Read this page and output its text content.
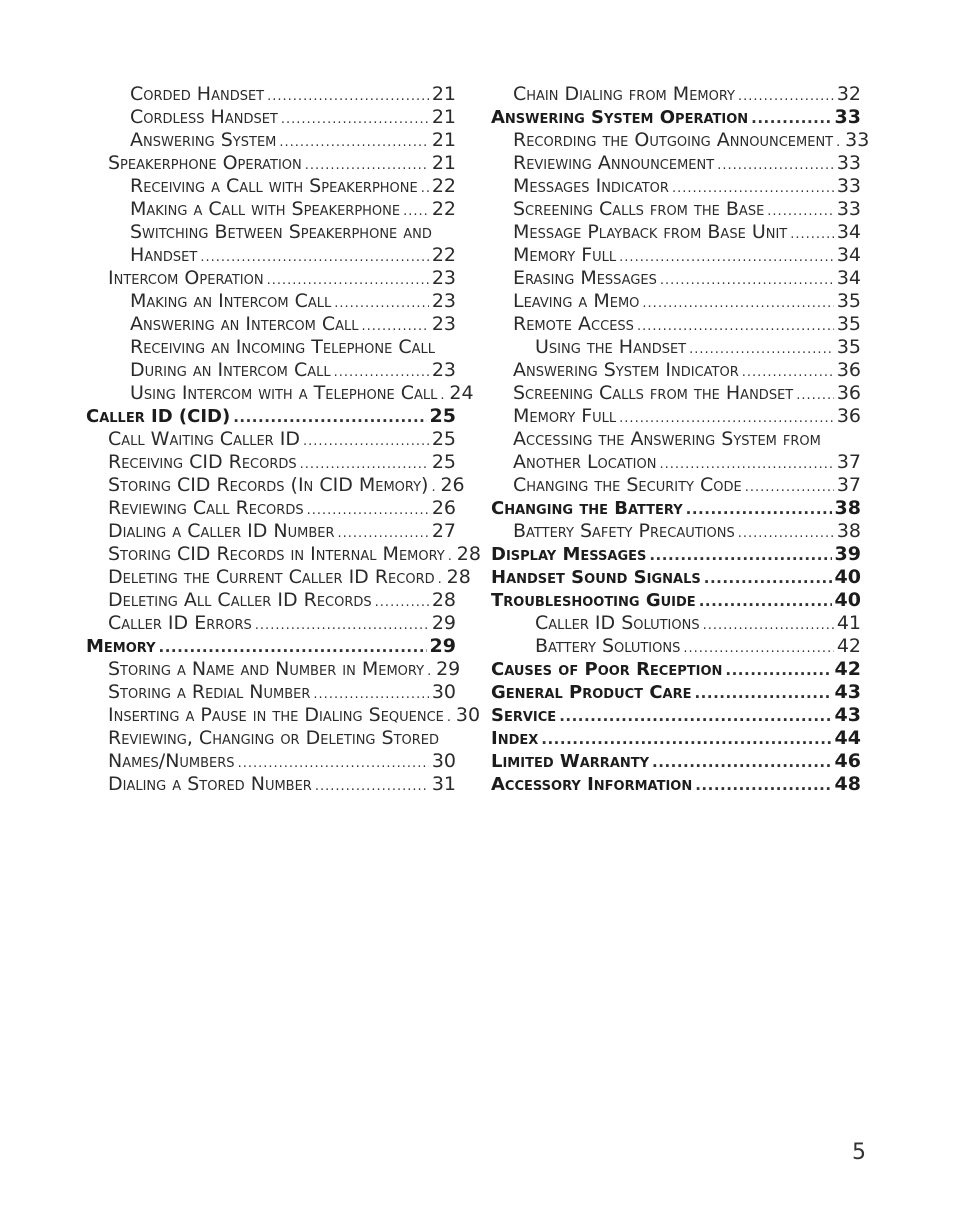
Corded Handset .....	21
Cordless Handset .....	21
Answering System .....	21
Speakerphone Operation .....	21
Receiving a Call with Speakerphone ..... 22
Making a Call with Speakerphone ..... 22
Switching Between Speakerphone and
Handset .....	22
Intercom Operation .....	23
Making an Intercom Call .....	23
Answering an Intercom Call .....	23
Receiving an Incoming Telephone Call
During an Intercom Call .....	23
Using Intercom with a Telephone Call ..... 24
Caller ID (CID) .....	25
Call Waiting Caller ID .....	25
Receiving CID Records .....	25
Storing CID Records (In CID Memory) ..... 26
Reviewing Call Records .....	26
Dialing a Caller ID Number .....	27
Storing CID Records in Internal Memory ..... 28
Deleting the Current Caller ID Record ..... 28
Deleting All Caller ID Records .....	28
Caller ID Errors .....	29
Memory .....	29
Storing a Name and Number in Memory ..... 29
Storing a Redial Number .....	30
Inserting a Pause in the Dialing Sequence ..... 30
Reviewing, Changing or Deleting Stored
Names/Numbers .....	30
Dialing a Stored Number .....	31
Chain Dialing from Memory .....	32
Answering System Operation .....	33
Recording the Outgoing Announcement ..... 33
Reviewing Announcement .....	33
Messages Indicator .....	33
Screening Calls from the Base .....	33
Message Playback from Base Unit .....	34
Memory Full .....	34
Erasing Messages .....	34
Leaving a Memo .....	35
Remote Access .....	35
Using the Handset .....	35
Answering System Indicator .....	36
Screening Calls from the Handset ..... 36
Memory Full .....	36
Accessing the Answering System from
Another Location .....	37
Changing the Security Code .....	37
Changing the Battery .....	38
Battery Safety Precautions .....	38
Display Messages .....	39
Handset Sound Signals .....	40
Troubleshooting Guide .....	40
Caller ID Solutions .....	41
Battery Solutions .....	42
Causes of Poor Reception .....	42
General Product Care .....	43
Service .....	43
Index .....	44
Limited Warranty .....	46
Accessory Information .....	48
5
